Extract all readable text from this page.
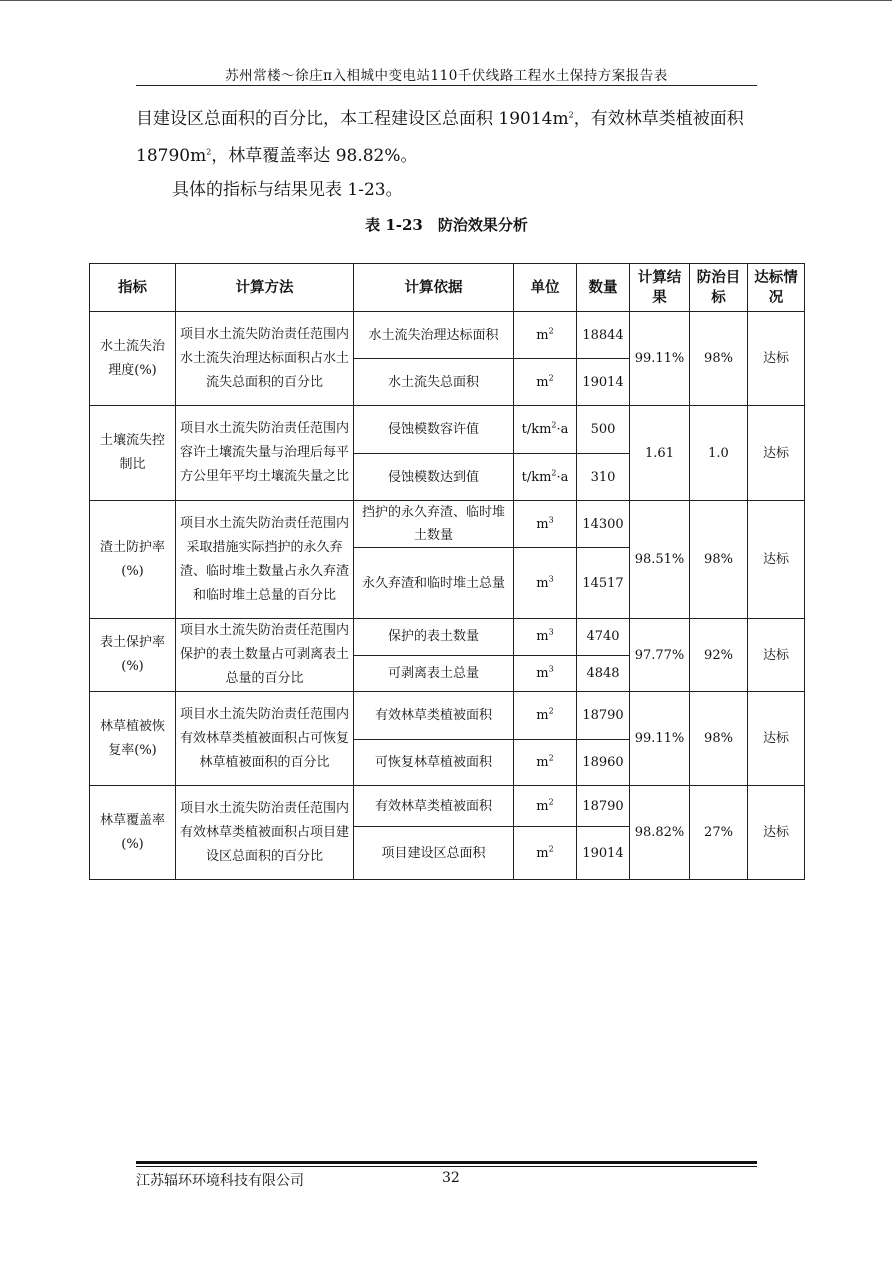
苏州常楼～徐庄π入相城中变电站110千伏线路工程水土保持方案报告表
目建设区总面积的百分比，本工程建设区总面积 $19014m^2$，有效林草类植被面积
$18790m^2$，林草覆盖率达 98.82%。
具体的指标与结果见表 1-23。
表 1-23　防治效果分析
指标	计算方法	计算依据	单位	数量	计算结果	防治目标	达标情况
水土流失治理度(%)	项目水土流失防治责任范围内水土流失治理达标面积占水土流失总面积的百分比	水土流失治理达标面积	$m^2$	18844	99.11%	98%	达标
		水土流失总面积	$m^2$	19014			
土壤流失控制比	项目水土流失防治责任范围内容许土壤流失量与治理后每平方公里年平均土壤流失量之比	侵蚀模数容许值	$t/km^2\cdot a$	500	1.61	1.0	达标
		侵蚀模数达到值	$t/km^2\cdot a$	310			
渣土防护率(%)	项目水土流失防治责任范围内采取措施实际挡护的永久弃渣、临时堆土数量占永久弃渣和临时堆土总量的百分比	挡护的永久弃渣、临时堆土数量	$m^3$	14300	98.51%	98%	达标
		永久弃渣和临时堆土总量	$m^3$	14517			
表土保护率(%)	项目水土流失防治责任范围内保护的表土数量占可剥离表土总量的百分比	保护的表土数量	$m^3$	4740	97.77%	92%	达标
		可剥离表土总量	$m^3$	4848			
林草植被恢复率(%)	项目水土流失防治责任范围内有效林草类植被面积占可恢复林草植被面积的百分比	有效林草类植被面积	$m^2$	18790	99.11%	98%	达标
		可恢复林草植被面积	$m^2$	18960			
林草覆盖率(%)	项目水土流失防治责任范围内有效林草类植被面积占项目建设区总面积的百分比	有效林草类植被面积	$m^2$	18790	98.82%	27%	达标
		项目建设区总面积	$m^2$	19014			
江苏辐环环境科技有限公司	32
